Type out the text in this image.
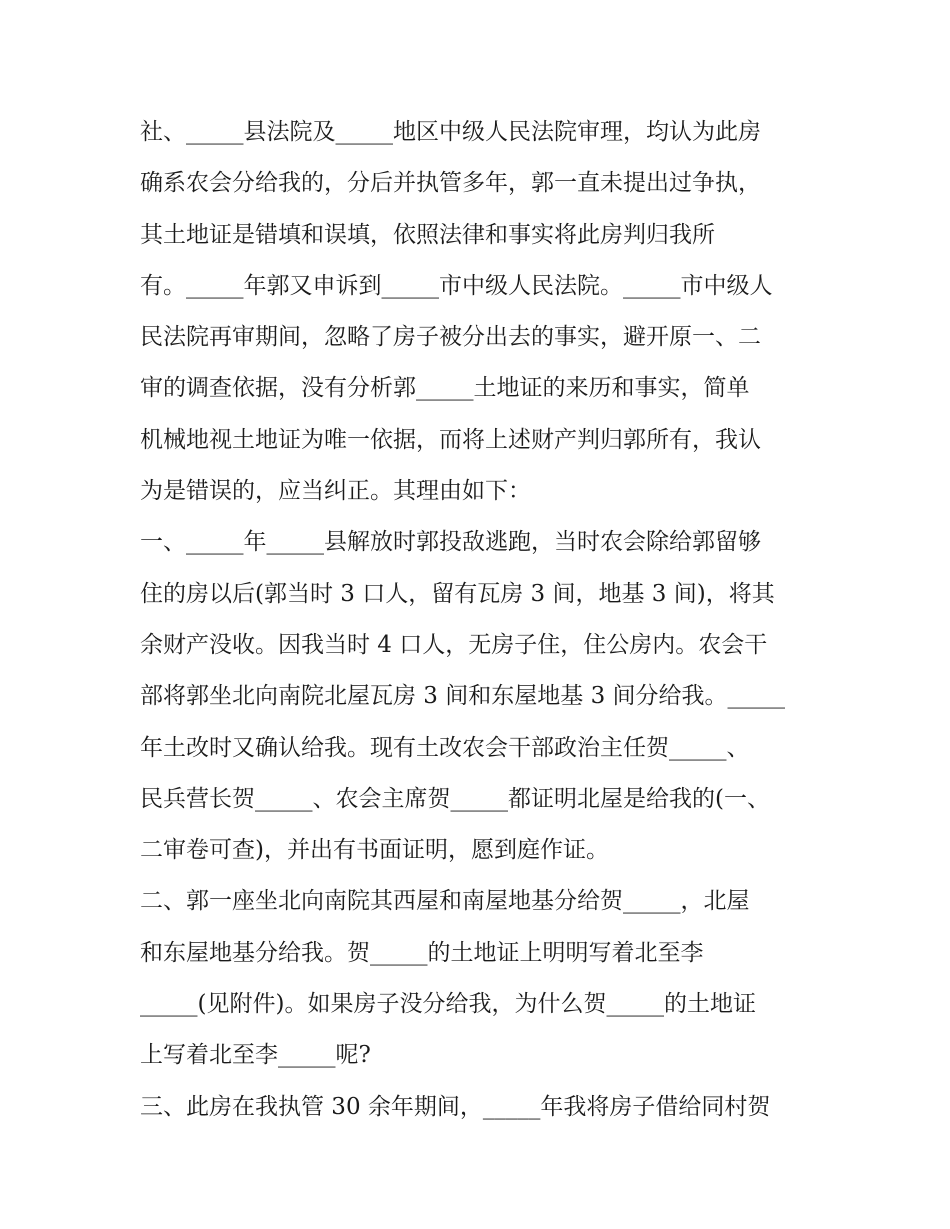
社、_____县法院及_____地区中级人民法院审理，均认为此房
确系农会分给我的，分后并执管多年，郭一直未提出过争执，
其土地证是错填和误填，依照法律和事实将此房判归我所
有。_____年郭又申诉到_____市中级人民法院。_____市中级人
民法院再审期间，忽略了房子被分出去的事实，避开原一、二
审的调查依据，没有分析郭_____土地证的来历和事实，简单
机械地视土地证为唯一依据，而将上述财产判归郭所有，我认
为是错误的，应当纠正。其理由如下：
一、_____年_____县解放时郭投敌逃跑，当时农会除给郭留够
住的房以后(郭当时 3 口人，留有瓦房 3 间，地基 3 间)，将其
余财产没收。因我当时 4 口人，无房子住，住公房内。农会干
部将郭坐北向南院北屋瓦房 3 间和东屋地基 3 间分给我。_____
年土改时又确认给我。现有土改农会干部政治主任贺_____、
民兵营长贺_____、农会主席贺_____都证明北屋是给我的(一、
二审卷可查)，并出有书面证明，愿到庭作证。
二、郭一座坐北向南院其西屋和南屋地基分给贺_____，北屋
和东屋地基分给我。贺_____的土地证上明明写着北至李
_____(见附件)。如果房子没分给我，为什么贺_____的土地证
上写着北至李_____呢?
三、此房在我执管 30 余年期间，_____年我将房子借给同村贺
